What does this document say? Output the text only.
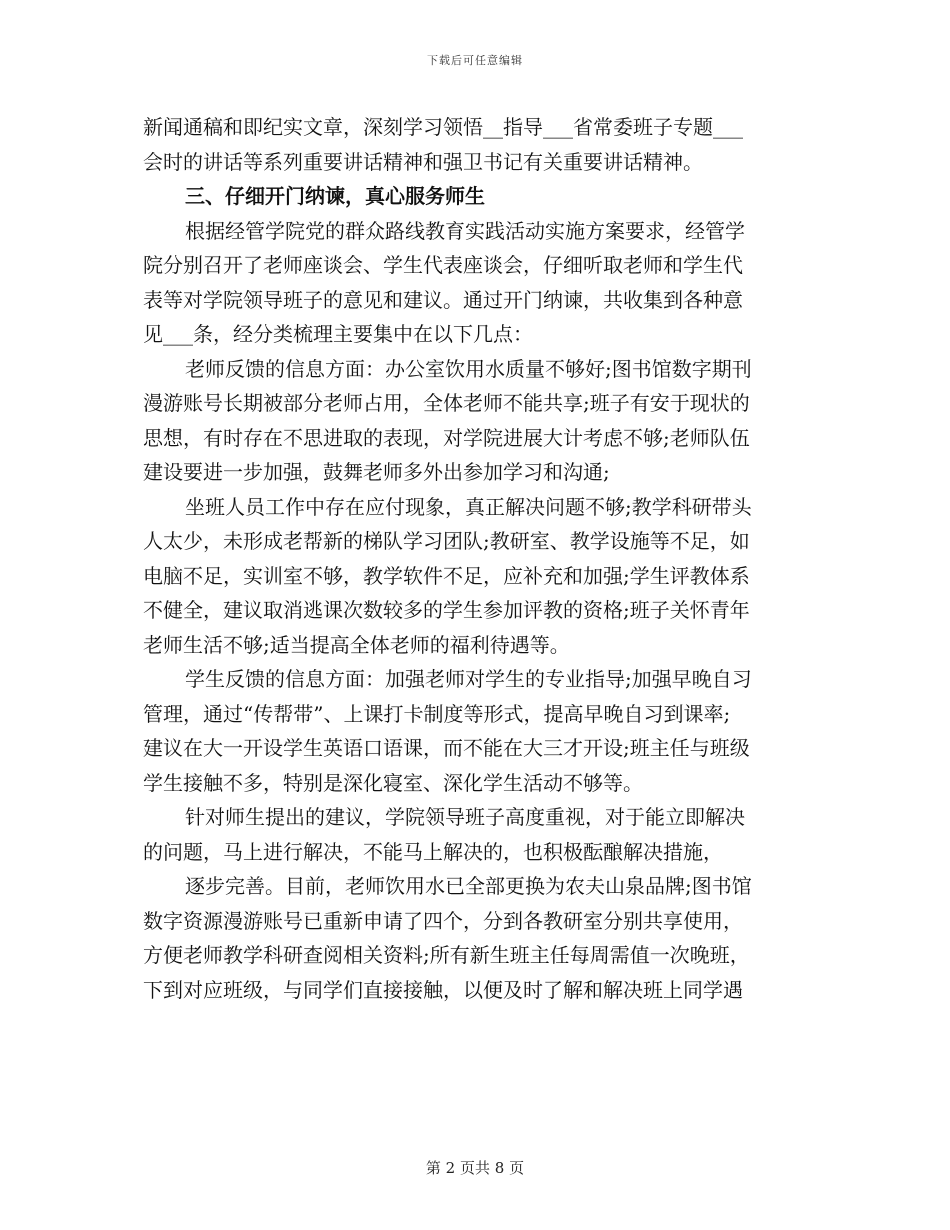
下载后可任意编辑
新闻通稿和即纪实文章，深刻学习领悟__指导___省常委班子专题___
会时的讲话等系列重要讲话精神和强卫书记有关重要讲话精神。
三、仔细开门纳谏，真心服务师生
根据经管学院党的群众路线教育实践活动实施方案要求，经管学
院分别召开了老师座谈会、学生代表座谈会，仔细听取老师和学生代
表等对学院领导班子的意见和建议。通过开门纳谏，共收集到各种意
见___条，经分类梳理主要集中在以下几点：
老师反馈的信息方面：办公室饮用水质量不够好;图书馆数字期刊
漫游账号长期被部分老师占用，全体老师不能共享;班子有安于现状的
思想，有时存在不思进取的表现，对学院进展大计考虑不够;老师队伍
建设要进一步加强，鼓舞老师多外出参加学习和沟通;
坐班人员工作中存在应付现象，真正解决问题不够;教学科研带头
人太少，未形成老帮新的梯队学习团队;教研室、教学设施等不足，如
电脑不足，实训室不够，教学软件不足，应补充和加强;学生评教体系
不健全，建议取消逃课次数较多的学生参加评教的资格;班子关怀青年
老师生活不够;适当提高全体老师的福利待遇等。
学生反馈的信息方面：加强老师对学生的专业指导;加强早晚自习
管理，通过“传帮带”、上课打卡制度等形式，提高早晚自习到课率;
建议在大一开设学生英语口语课，而不能在大三才开设;班主任与班级
学生接触不多，特别是深化寝室、深化学生活动不够等。
针对师生提出的建议，学院领导班子高度重视，对于能立即解决
的问题，马上进行解决，不能马上解决的，也积极酝酿解决措施，
逐步完善。目前，老师饮用水已全部更换为农夫山泉品牌;图书馆
数字资源漫游账号已重新申请了四个，分到各教研室分别共享使用，
方便老师教学科研查阅相关资料;所有新生班主任每周需值一次晚班，
下到对应班级，与同学们直接接触，以便及时了解和解决班上同学遇
第 2 页共 8 页
